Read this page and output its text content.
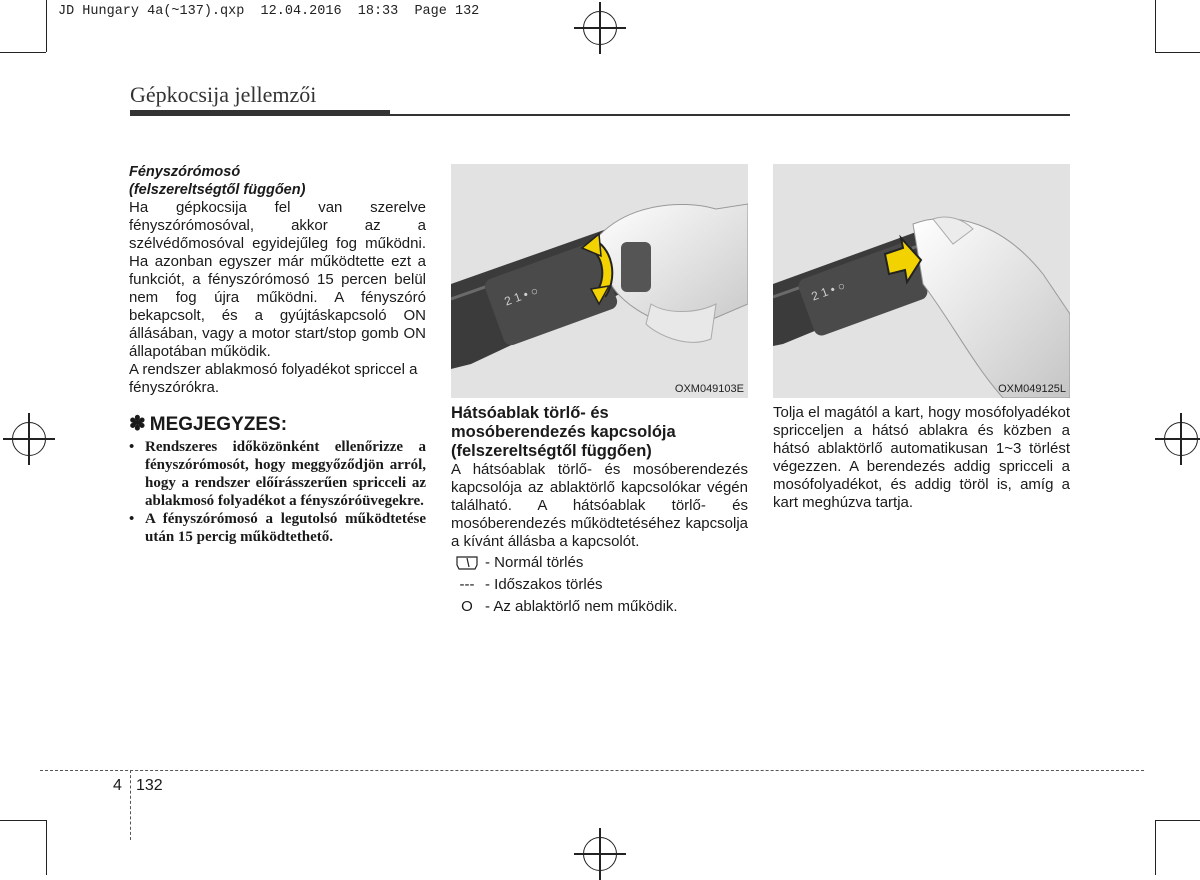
JD Hungary 4a(~137).qxp  12.04.2016  18:33  Page 132
Gépkocsija jellemzői

Fényszórómosó

(felszereltségtől függően)

Ha gépkocsija fel van szerelve fényszórómosóval, akkor az a szélvédőmosóval egyidejűleg fog működni. Ha azonban egyszer már működtette ezt a funkciót, a fényszórómosó 15 percen belül nem fog újra működni. A fényszóró bekapcsolt, és a gyújtáskapcsoló ON állásában, vagy a motor start/stop gomb ON állapotában működik.

A rendszer ablakmosó folyadékot spriccel a fényszórókra.

✽ MEGJEGYZES:
• Rendszeres időközönként ellenőrizze a fényszórómosót, hogy meggyőződjön arról, hogy a rendszer előírásszerűen spricceli az ablakmosó folyadékot a fényszóróüvegekre.
• A fényszórómosó a legutolsó működtetése után 15 percig működtethető.
2 1 • ○
OXM049103E
2 1 • ○
OXM049125L

Hátsóablak törlő- és

mosóberendezés kapcsolója

(felszereltségtől függően)

A hátsóablak törlő- és mosóberendezés kapcsolója az ablaktörlő kapcsolókar végén található. A hátsóablak törlő- és mosóberendezés működtetéséhez kapcsolja a kívánt állásba a kapcsolót.

- Normál törlés
--- - Időszakos törlés
O - Az ablaktörlő nem működik.

Tolja el magától a kart, hogy mosófolyadékot spricceljen a hátsó ablakra és közben a hátsó ablaktörlő automatikusan 1~3 törlést végezzen. A berendezés addig spricceli a mosófolyadékot, és addig töröl is, amíg a kart meghúzva tartja.

4 132
